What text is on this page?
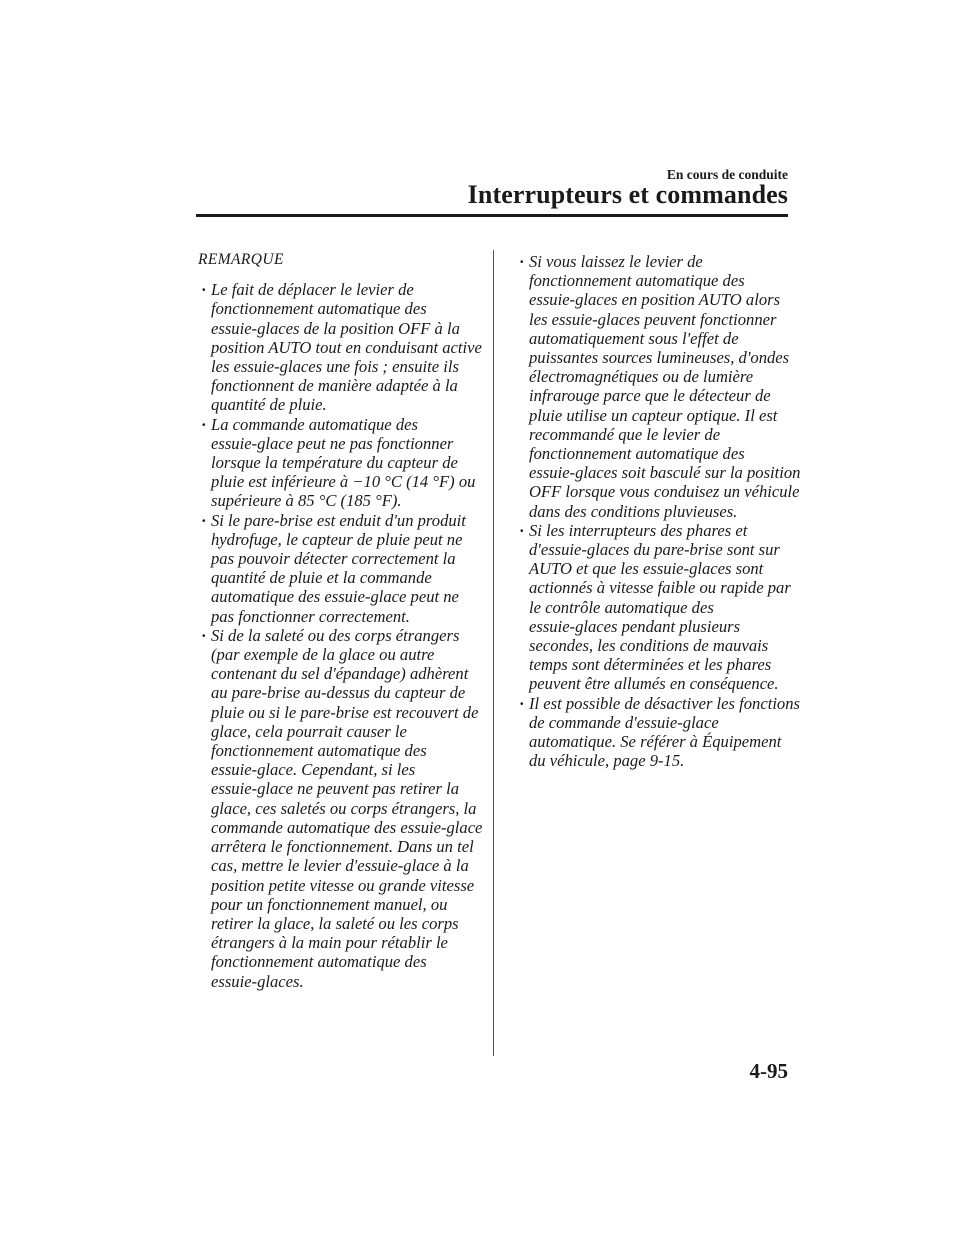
En cours de conduite
Interrupteurs et commandes
REMARQUE
· Le fait de déplacer le levier de
fonctionnement automatique des
essuie-glaces de la position OFF à la
position AUTO tout en conduisant active
les essuie-glaces une fois ; ensuite ils
fonctionnent de manière adaptée à la
quantité de pluie.
· La commande automatique des
essuie-glace peut ne pas fonctionner
lorsque la température du capteur de
pluie est inférieure à −10 °C (14 °F) ou
supérieure à 85 °C (185 °F).
· Si le pare-brise est enduit d'un produit
hydrofuge, le capteur de pluie peut ne
pas pouvoir détecter correctement la
quantité de pluie et la commande
automatique des essuie-glace peut ne
pas fonctionner correctement.
· Si de la saleté ou des corps étrangers
(par exemple de la glace ou autre
contenant du sel d'épandage) adhèrent
au pare-brise au-dessus du capteur de
pluie ou si le pare-brise est recouvert de
glace, cela pourrait causer le
fonctionnement automatique des
essuie-glace. Cependant, si les
essuie-glace ne peuvent pas retirer la
glace, ces saletés ou corps étrangers, la
commande automatique des essuie-glace
arrêtera le fonctionnement. Dans un tel
cas, mettre le levier d'essuie-glace à la
position petite vitesse ou grande vitesse
pour un fonctionnement manuel, ou
retirer la glace, la saleté ou les corps
étrangers à la main pour rétablir le
fonctionnement automatique des
essuie-glaces.
· Si vous laissez le levier de
fonctionnement automatique des
essuie-glaces en position AUTO alors
les essuie-glaces peuvent fonctionner
automatiquement sous l'effet de
puissantes sources lumineuses, d'ondes
électromagnétiques ou de lumière
infrarouge parce que le détecteur de
pluie utilise un capteur optique. Il est
recommandé que le levier de
fonctionnement automatique des
essuie-glaces soit basculé sur la position
OFF lorsque vous conduisez un véhicule
dans des conditions pluvieuses.
· Si les interrupteurs des phares et
d'essuie-glaces du pare-brise sont sur
AUTO et que les essuie-glaces sont
actionnés à vitesse faible ou rapide par
le contrôle automatique des
essuie-glaces pendant plusieurs
secondes, les conditions de mauvais
temps sont déterminées et les phares
peuvent être allumés en conséquence.
· Il est possible de désactiver les fonctions
de commande d'essuie-glace
automatique. Se référer à Équipement
du véhicule, page 9-15.
4-95
